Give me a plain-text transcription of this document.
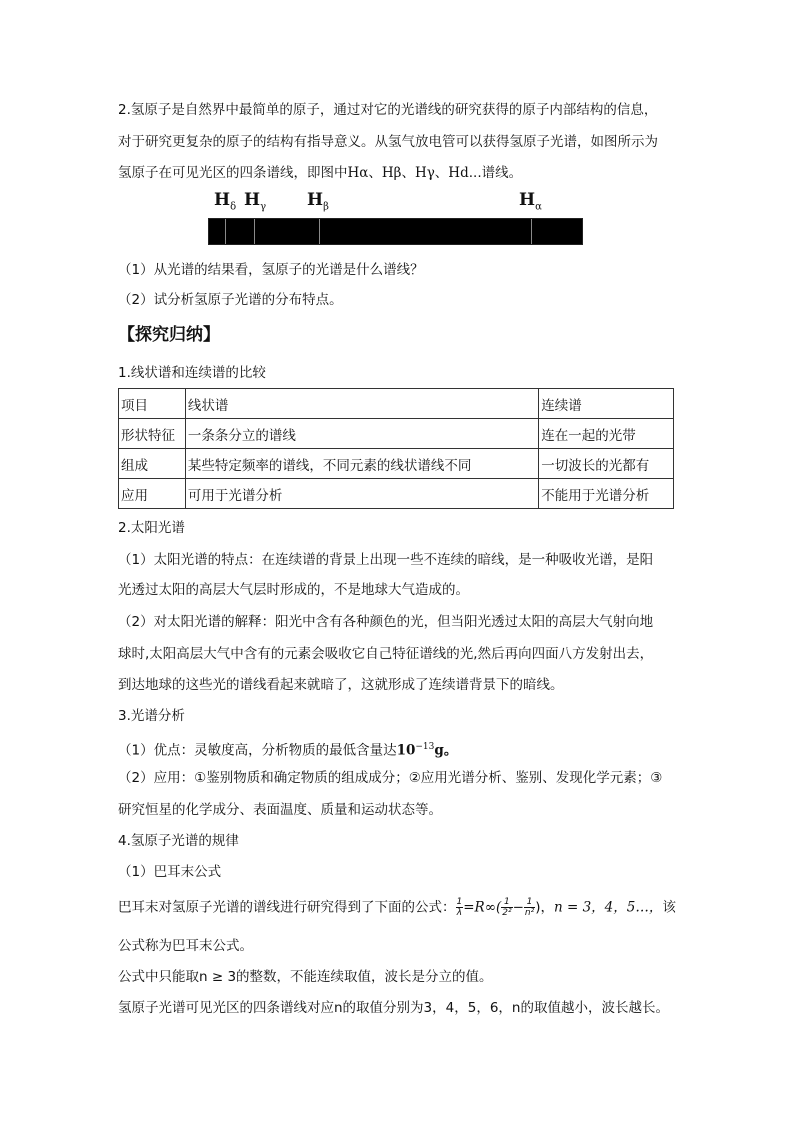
2.氢原子是自然界中最简单的原子，通过对它的光谱线的研究获得的原子内部结构的信息，
对于研究更复杂的原子的结构有指导意义。从氢气放电管可以获得氢原子光谱，如图所示为
氢原子在可见光区的四条谱线，即图中Hα、Hβ、Hγ、Hd...谱线。
$H_\delta$ $H_\gamma$ $H_\beta$	$H_\alpha$
（1）从光谱的结果看，氢原子的光谱是什么谱线？
（2）试分析氢原子光谱的分布特点。
【探究归纳】
1.线状谱和连续谱的比较
项目	线状谱	连续谱
形状特征	一条条分立的谱线	连在一起的光带
组成	某些特定频率的谱线，不同元素的线状谱线不同	一切波长的光都有
应用	可用于光谱分析	不能用于光谱分析
2.太阳光谱
（1）太阳光谱的特点：在连续谱的背景上出现一些不连续的暗线，是一种吸收光谱，是阳
光透过太阳的高层大气层时形成的，不是地球大气造成的。
（2）对太阳光谱的解释：阳光中含有各种颜色的光，但当阳光透过太阳的高层大气射向地
球时,太阳高层大气中含有的元素会吸收它自己特征谱线的光,然后再向四面八方发射出去，
到达地球的这些光的谱线看起来就暗了，这就形成了连续谱背景下的暗线。
3.光谱分析
（1）优点：灵敏度高，分析物质的最低含量达$10^{-13}g$。
（2）应用：①鉴别物质和确定物质的组成成分；②应用光谱分析、鉴别、发现化学元素；③
研究恒星的化学成分、表面温度、质量和运动状态等。
4.氢原子光谱的规律
（1）巴耳末公式
巴耳末对氢原子光谱的谱线进行研究得到了下面的公式： $\frac{1}{\lambda} =R\infty( \frac{1}{\text{2²}} - \frac{1}{\text{n²}}$ )，n = 3，4，5…，该
公式称为巴耳末公式。
公式中只能取n ≥ 3的整数，不能连续取值，波长是分立的值。
氢原子光谱可见光区的四条谱线对应n的取值分别为3，4，5，6，n的取值越小，波长越长。
